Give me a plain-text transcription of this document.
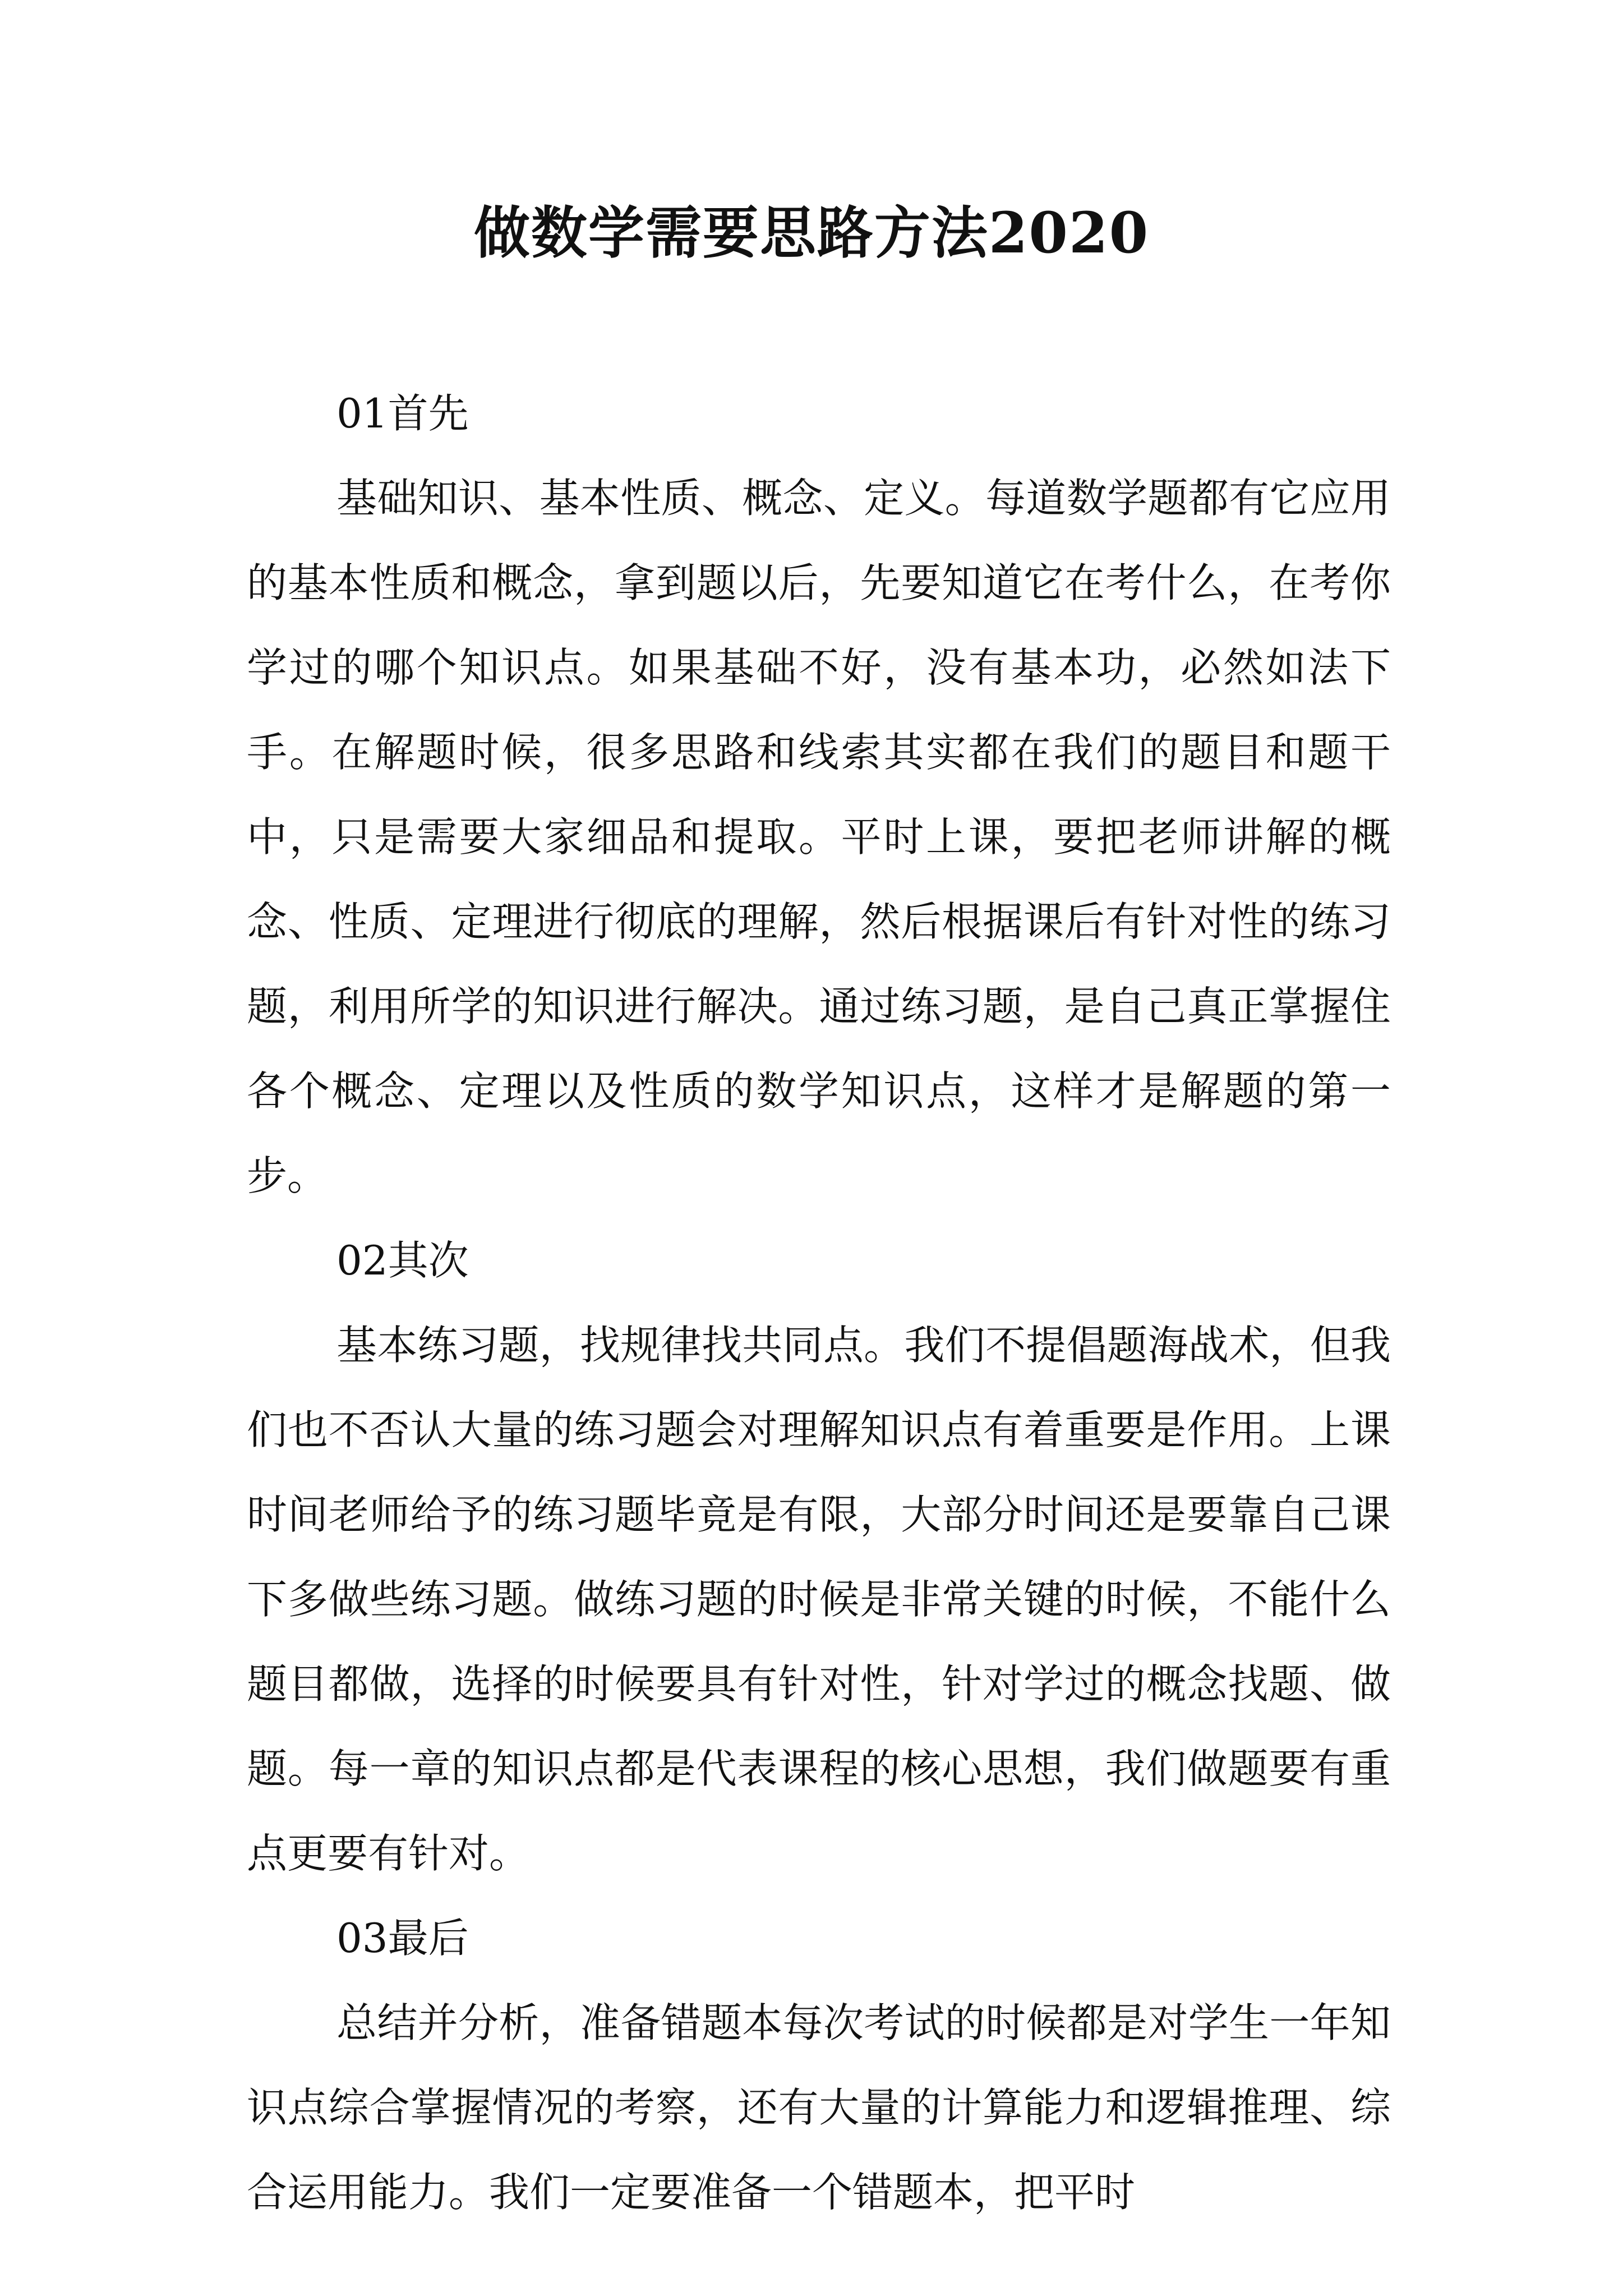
做数学需要思路方法2020

01首先

基础知识、基本性质、概念、定义。每道数学题都有它应用的基本性质和概念，拿到题以后，先要知道它在考什么，在考你学过的哪个知识点。如果基础不好，没有基本功，必然如法下手。在解题时候，很多思路和线索其实都在我们的题目和题干中，只是需要大家细品和提取。平时上课，要把老师讲解的概念、性质、定理进行彻底的理解，然后根据课后有针对性的练习题，利用所学的知识进行解决。通过练习题，是自己真正掌握住各个概念、定理以及性质的数学知识点，这样才是解题的第一步。

02其次

基本练习题，找规律找共同点。我们不提倡题海战术，但我们也不否认大量的练习题会对理解知识点有着重要是作用。上课时间老师给予的练习题毕竟是有限，大部分时间还是要靠自己课下多做些练习题。做练习题的时候是非常关键的时候，不能什么题目都做，选择的时候要具有针对性，针对学过的概念找题、做题。每一章的知识点都是代表课程的核心思想，我们做题要有重点更要有针对。

03最后

总结并分析，准备错题本每次考试的时候都是对学生一年知识点综合掌握情况的考察，还有大量的计算能力和逻辑推理、综合运用能力。我们一定要准备一个错题本，把平时
